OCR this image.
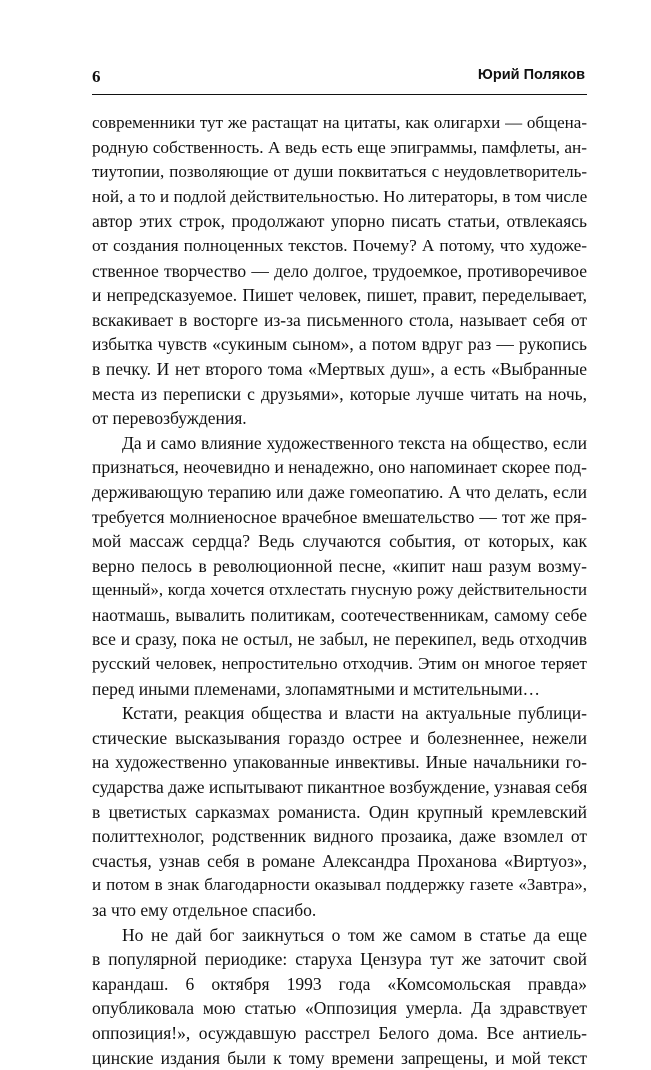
6	Юрий Поляков
современники тут же растащат на цитаты, как олигархи — общена-
родную собственность. А ведь есть еще эпиграммы, памфлеты, ан-
тиутопии, позволяющие от души поквитаться с неудовлетворитель-
ной, а то и подлой действительностью. Но литераторы, в том числе
автор этих строк, продолжают упорно писать статьи, отвлекаясь
от создания полноценных текстов. Почему? А потому, что художе-
ственное творчество — дело долгое, трудоемкое, противоречивое
и непредсказуемое. Пишет человек, пишет, правит, переделывает,
вскакивает в восторге из-за письменного стола, называет себя от
избытка чувств «сукиным сыном», а потом вдруг раз — рукопись
в печку. И нет второго тома «Мертвых душ», а есть «Выбранные
места из переписки с друзьями», которые лучше читать на ночь,
от перевозбуждения.
Да и само влияние художественного текста на общество, если
признаться, неочевидно и ненадежно, оно напоминает скорее под-
держивающую терапию или даже гомеопатию. А что делать, если
требуется молниеносное врачебное вмешательство — тот же пря-
мой массаж сердца? Ведь случаются события, от которых, как
верно пелось в революционной песне, «кипит наш разум возму-
щенный», когда хочется отхлестать гнусную рожу действительности
наотмашь, вывалить политикам, соотечественникам, самому себе
все и сразу, пока не остыл, не забыл, не перекипел, ведь отходчив
русский человек, непростительно отходчив. Этим он многое теряет
перед иными племенами, злопамятными и мстительными…
Кстати, реакция общества и власти на актуальные публици-
стические высказывания гораздо острее и болезненнее, нежели
на художественно упакованные инвективы. Иные начальники го-
сударства даже испытывают пикантное возбуждение, узнавая себя
в цветистых сарказмах романиста. Один крупный кремлевский
политтехнолог, родственник видного прозаика, даже взомлел от
счастья, узнав себя в романе Александра Проханова «Виртуоз»,
и потом в знак благодарности оказывал поддержку газете «Завтра»,
за что ему отдельное спасибо.
Но не дай бог заикнуться о том же самом в статье да еще
в популярной периодике: старуха Цензура тут же заточит свой
карандаш. 6 октября 1993 года «Комсомольская правда»
опубликовала мою статью «Оппозиция умерла. Да здравствует
оппозиция!», осуждавшую расстрел Белого дома. Все антиель-
цинские издания были к тому времени запрещены, и мой текст
